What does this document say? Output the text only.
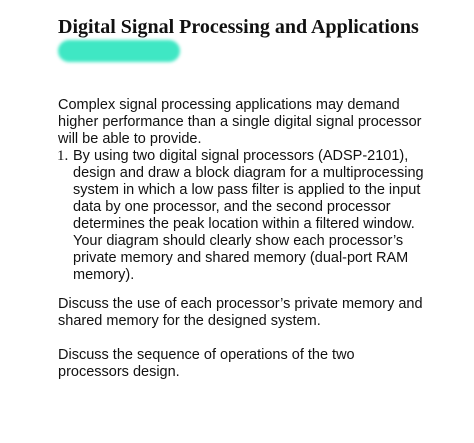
Digital Signal Processing and Applications

Complex signal processing applications may demand higher performance than a single digital signal processor will be able to provide.

1. By using two digital signal processors (ADSP-2101), design and draw a block diagram for a multiprocessing system in which a low pass filter is applied to the input data by one processor, and the second processor determines the peak location within a filtered window. Your diagram should clearly show each processor’s private memory and shared memory (dual-port RAM memory).

Discuss the use of each processor’s private memory and shared memory for the designed system.

Discuss the sequence of operations of the two processors design.
